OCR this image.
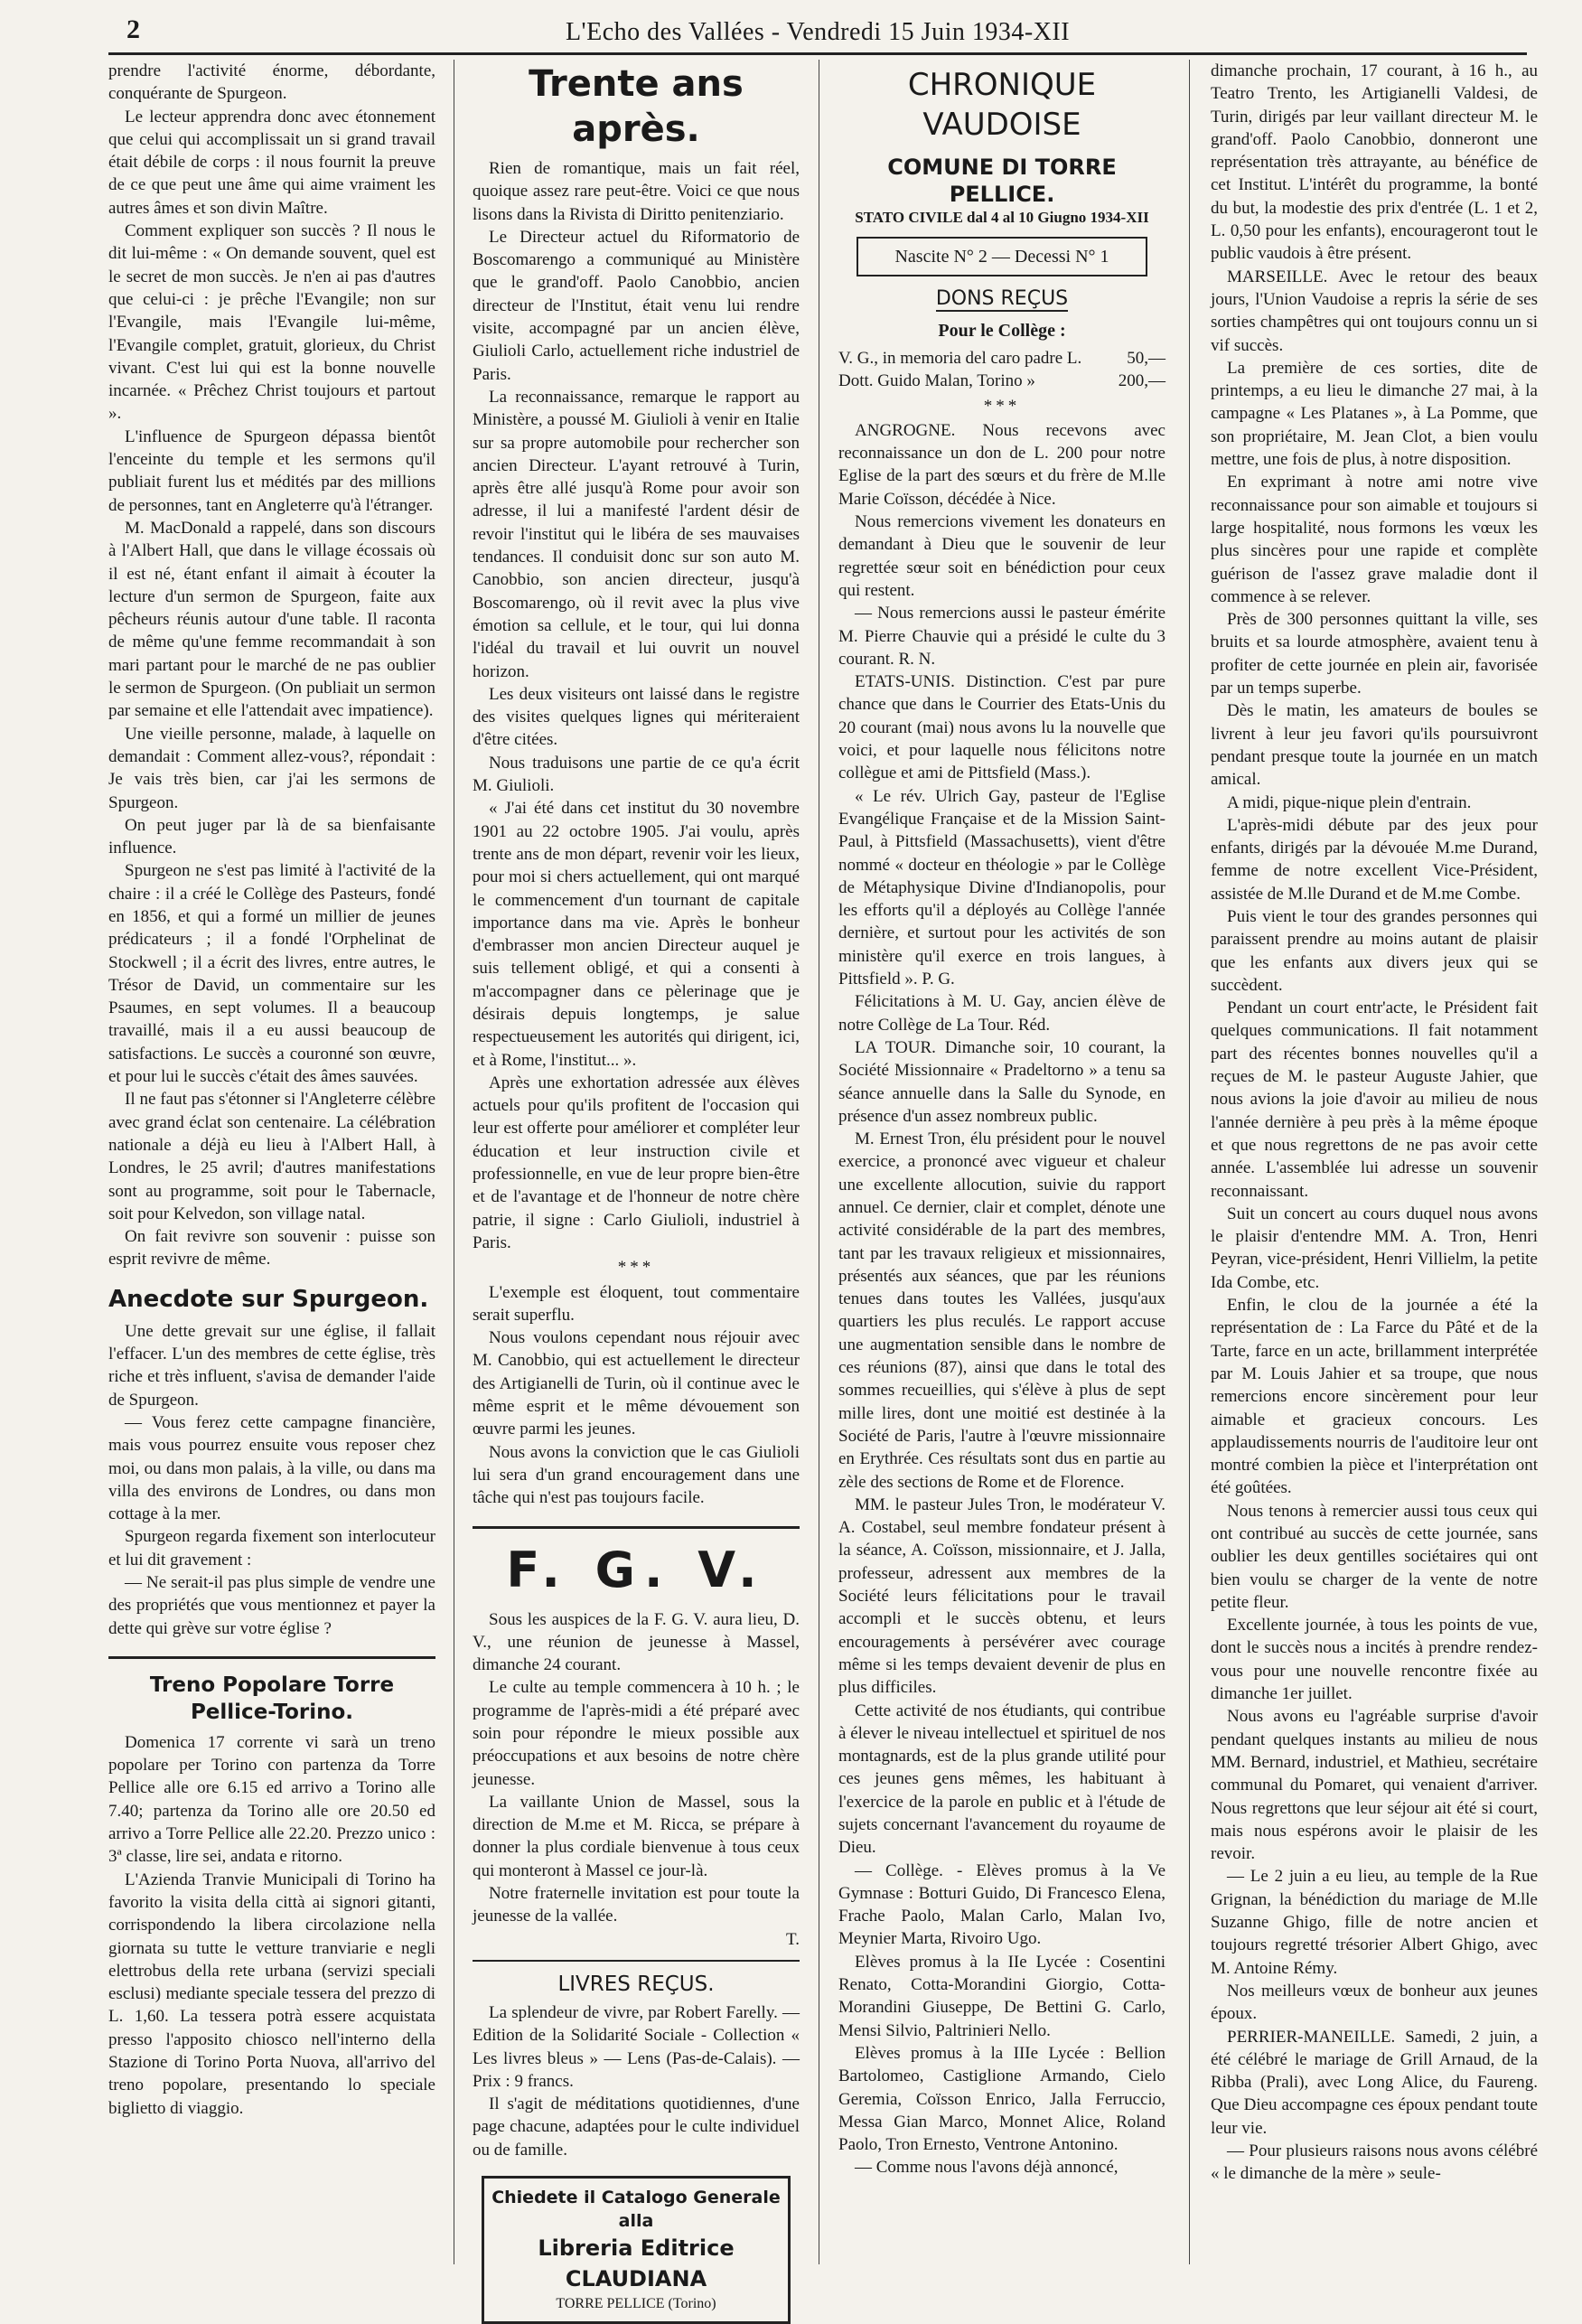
2	L'Echo des Vallées - Vendredi 15 Juin 1934-XII

prendre l'activité énorme, débordante, conquérante de Spurgeon.

Le lecteur apprendra donc avec étonnement que celui qui accomplissait un si grand travail était débile de corps : il nous fournit la preuve de ce que peut une âme qui aime vraiment les autres âmes et son divin Maître.

Comment expliquer son succès ? Il nous le dit lui-même : « On demande souvent, quel est le secret de mon succès. Je n'en ai pas d'autres que celui-ci : je prêche l'Evangile; non sur l'Evangile, mais l'Evangile lui-même, l'Evangile complet, gratuit, glorieux, du Christ vivant. C'est lui qui est la bonne nouvelle incarnée. « Prêchez Christ toujours et partout ».

L'influence de Spurgeon dépassa bientôt l'enceinte du temple et les sermons qu'il publiait furent lus et médités par des millions de personnes, tant en Angleterre qu'à l'étranger.

M. MacDonald a rappelé, dans son discours à l'Albert Hall, que dans le village écossais où il est né, étant enfant il aimait à écouter la lecture d'un sermon de Spurgeon, faite aux pêcheurs réunis autour d'une table. Il raconta de même qu'une femme recommandait à son mari partant pour le marché de ne pas oublier le sermon de Spurgeon. (On publiait un sermon par semaine et elle l'attendait avec impatience).

Une vieille personne, malade, à laquelle on demandait : Comment allez-vous?, répondait : Je vais très bien, car j'ai les sermons de Spurgeon.

On peut juger par là de sa bienfaisante influence.

Spurgeon ne s'est pas limité à l'activité de la chaire : il a créé le Collège des Pasteurs, fondé en 1856, et qui a formé un millier de jeunes prédicateurs ; il a fondé l'Orphelinat de Stockwell ; il a écrit des livres, entre autres, le Trésor de David, un commentaire sur les Psaumes, en sept volumes. Il a beaucoup travaillé, mais il a eu aussi beaucoup de satisfactions. Le succès a couronné son œuvre, et pour lui le succès c'était des âmes sauvées.

Il ne faut pas s'étonner si l'Angleterre célèbre avec grand éclat son centenaire. La célébration nationale a déjà eu lieu à l'Albert Hall, à Londres, le 25 avril; d'autres manifestations sont au programme, soit pour le Tabernacle, soit pour Kelvedon, son village natal.

On fait revivre son souvenir : puisse son esprit revivre de même.

Anecdote sur Spurgeon.

Une dette grevait sur une église, il fallait l'effacer. L'un des membres de cette église, très riche et très influent, s'avisa de demander l'aide de Spurgeon.

— Vous ferez cette campagne financière, mais vous pourrez ensuite vous reposer chez moi, ou dans mon palais, à la ville, ou dans ma villa des environs de Londres, ou dans mon cottage à la mer.

Spurgeon regarda fixement son interlocuteur et lui dit gravement :

— Ne serait-il pas plus simple de vendre une des propriétés que vous mentionnez et payer la dette qui grève sur votre église ?

Treno Popolare Torre Pellice-Torino.

Domenica 17 corrente vi sarà un treno popolare per Torino con partenza da Torre Pellice alle ore 6.15 ed arrivo a Torino alle 7.40; partenza da Torino alle ore 20.50 ed arrivo a Torre Pellice alle 22.20. Prezzo unico : 3ª classe, lire sei, andata e ritorno.

L'Azienda Tranvie Municipali di Torino ha favorito la visita della città ai signori gitanti, corrispondendo la libera circolazione nella giornata su tutte le vetture tranviarie e negli elettrobus della rete urbana (servizi speciali esclusi) mediante speciale tessera del prezzo di L. 1,60. La tessera potrà essere acquistata presso l'apposito chiosco nell'interno della Stazione di Torino Porta Nuova, all'arrivo del treno popolare, presentando lo speciale biglietto di viaggio.

Trente ans après.

Rien de romantique, mais un fait réel, quoique assez rare peut-être. Voici ce que nous lisons dans la Rivista di Diritto penitenziario.

Le Directeur actuel du Riformatorio de Boscomarengo a communiqué au Ministère que le grand'off. Paolo Canobbio, ancien directeur de l'Institut, était venu lui rendre visite, accompagné par un ancien élève, Giulioli Carlo, actuellement riche industriel de Paris.

La reconnaissance, remarque le rapport au Ministère, a poussé M. Giulioli à venir en Italie sur sa propre automobile pour rechercher son ancien Directeur. L'ayant retrouvé à Turin, après être allé jusqu'à Rome pour avoir son adresse, il lui a manifesté l'ardent désir de revoir l'institut qui le libéra de ses mauvaises tendances. Il conduisit donc sur son auto M. Canobbio, son ancien directeur, jusqu'à Boscomarengo, où il revit avec la plus vive émotion sa cellule, et le tour, qui lui donna l'idéal du travail et lui ouvrit un nouvel horizon.

Les deux visiteurs ont laissé dans le registre des visites quelques lignes qui mériteraient d'être citées.

Nous traduisons une partie de ce qu'a écrit M. Giulioli.

« J'ai été dans cet institut du 30 novembre 1901 au 22 octobre 1905. J'ai voulu, après trente ans de mon départ, revenir voir les lieux, pour moi si chers actuellement, qui ont marqué le commencement d'un tournant de capitale importance dans ma vie. Après le bonheur d'embrasser mon ancien Directeur auquel je suis tellement obligé, et qui a consenti à m'accompagner dans ce pèlerinage que je désirais depuis longtemps, je salue respectueusement les autorités qui dirigent, ici, et à Rome, l'institut... ».

Après une exhortation adressée aux élèves actuels pour qu'ils profitent de l'occasion qui leur est offerte pour améliorer et compléter leur éducation et leur instruction civile et professionnelle, en vue de leur propre bien-être et de l'avantage et de l'honneur de notre chère patrie, il signe : Carlo Giulioli, industriel à Paris.

***

L'exemple est éloquent, tout commentaire serait superflu.

Nous voulons cependant nous réjouir avec M. Canobbio, qui est actuellement le directeur des Artigianelli de Turin, où il continue avec le même esprit et le même dévouement son œuvre parmi les jeunes.

Nous avons la conviction que le cas Giulioli lui sera d'un grand encouragement dans une tâche qui n'est pas toujours facile.

F. G. V.

Sous les auspices de la F. G. V. aura lieu, D. V., une réunion de jeunesse à Massel, dimanche 24 courant.

Le culte au temple commencera à 10 h. ; le programme de l'après-midi a été préparé avec soin pour répondre le mieux possible aux préoccupations et aux besoins de notre chère jeunesse.

La vaillante Union de Massel, sous la direction de M.me et M. Ricca, se prépare à donner la plus cordiale bienvenue à tous ceux qui monteront à Massel ce jour-là.

Notre fraternelle invitation est pour toute la jeunesse de la vallée.

T.
LIVRES REÇUS.

La splendeur de vivre, par Robert Farelly. — Edition de la Solidarité Sociale - Collection « Les livres bleus » — Lens (Pas-de-Calais). — Prix : 9 francs.

Il s'agit de méditations quotidiennes, d'une page chacune, adaptées pour le culte individuel ou de famille.

Chiedete il Catalogo Generale alla
Libreria Editrice CLAUDIANA
TORRE PELLICE (Torino)
CHRONIQUE VAUDOISE
COMUNE DI TORRE PELLICE.
STATO CIVILE dal 4 al 10 Giugno 1934-XII
Nascite N° 2 — Decessi N° 1
DONS REÇUS
Pour le Collège :
V. G., in memoria del caro padre L.	50,—
Dott. Guido Malan, Torino »	200,—
***

ANGROGNE. Nous recevons avec reconnaissance un don de L. 200 pour notre Eglise de la part des sœurs et du frère de M.lle Marie Coïsson, décédée à Nice.

Nous remercions vivement les donateurs en demandant à Dieu que le souvenir de leur regrettée sœur soit en bénédiction pour ceux qui restent.

— Nous remercions aussi le pasteur émérite M. Pierre Chauvie qui a présidé le culte du 3 courant. R. N.

ETATS-UNIS. Distinction. C'est par pure chance que dans le Courrier des Etats-Unis du 20 courant (mai) nous avons lu la nouvelle que voici, et pour laquelle nous félicitons notre collègue et ami de Pittsfield (Mass.).

« Le rév. Ulrich Gay, pasteur de l'Eglise Evangélique Française et de la Mission Saint-Paul, à Pittsfield (Massachusetts), vient d'être nommé « docteur en théologie » par le Collège de Métaphysique Divine d'Indianopolis, pour les efforts qu'il a déployés au Collège l'année dernière, et surtout pour les activités de son ministère qu'il exerce en trois langues, à Pittsfield ». P. G.

Félicitations à M. U. Gay, ancien élève de notre Collège de La Tour. Réd.

LA TOUR. Dimanche soir, 10 courant, la Société Missionnaire « Pradeltorno » a tenu sa séance annuelle dans la Salle du Synode, en présence d'un assez nombreux public.

M. Ernest Tron, élu président pour le nouvel exercice, a prononcé avec vigueur et chaleur une excellente allocution, suivie du rapport annuel. Ce dernier, clair et complet, dénote une activité considérable de la part des membres, tant par les travaux religieux et missionnaires, présentés aux séances, que par les réunions tenues dans toutes les Vallées, jusqu'aux quartiers les plus reculés. Le rapport accuse une augmentation sensible dans le nombre de ces réunions (87), ainsi que dans le total des sommes recueillies, qui s'élève à plus de sept mille lires, dont une moitié est destinée à la Société de Paris, l'autre à l'œuvre missionnaire en Erythrée. Ces résultats sont dus en partie au zèle des sections de Rome et de Florence.

MM. le pasteur Jules Tron, le modérateur V. A. Costabel, seul membre fondateur présent à la séance, A. Coïsson, missionnaire, et J. Jalla, professeur, adressent aux membres de la Société leurs félicitations pour le travail accompli et le succès obtenu, et leurs encouragements à persévérer avec courage même si les temps devaient devenir de plus en plus difficiles.

Cette activité de nos étudiants, qui contribue à élever le niveau intellectuel et spirituel de nos montagnards, est de la plus grande utilité pour ces jeunes gens mêmes, les habituant à l'exercice de la parole en public et à l'étude de sujets concernant l'avancement du royaume de Dieu.

— Collège. - Elèves promus à la Ve Gymnase : Botturi Guido, Di Francesco Elena, Frache Paolo, Malan Carlo, Malan Ivo, Meynier Marta, Rivoiro Ugo.

Elèves promus à la IIe Lycée : Cosentini Renato, Cotta-Morandini Giorgio, Cotta-Morandini Giuseppe, De Bettini G. Carlo, Mensi Silvio, Paltrinieri Nello.

Elèves promus à la IIIe Lycée : Bellion Bartolomeo, Castiglione Armando, Cielo Geremia, Coïsson Enrico, Jalla Ferruccio, Messa Gian Marco, Monnet Alice, Roland Paolo, Tron Ernesto, Ventrone Antonino.

— Comme nous l'avons déjà annoncé,

dimanche prochain, 17 courant, à 16 h., au Teatro Trento, les Artigianelli Valdesi, de Turin, dirigés par leur vaillant directeur M. le grand'off. Paolo Canobbio, donneront une représentation très attrayante, au bénéfice de cet Institut. L'intérêt du programme, la bonté du but, la modestie des prix d'entrée (L. 1 et 2, L. 0,50 pour les enfants), encourageront tout le public vaudois à être présent.

MARSEILLE. Avec le retour des beaux jours, l'Union Vaudoise a repris la série de ses sorties champêtres qui ont toujours connu un si vif succès.

La première de ces sorties, dite de printemps, a eu lieu le dimanche 27 mai, à la campagne « Les Platanes », à La Pomme, que son propriétaire, M. Jean Clot, a bien voulu mettre, une fois de plus, à notre disposition.

En exprimant à notre ami notre vive reconnaissance pour son aimable et toujours si large hospitalité, nous formons les vœux les plus sincères pour une rapide et complète guérison de l'assez grave maladie dont il commence à se relever.

Près de 300 personnes quittant la ville, ses bruits et sa lourde atmosphère, avaient tenu à profiter de cette journée en plein air, favorisée par un temps superbe.

Dès le matin, les amateurs de boules se livrent à leur jeu favori qu'ils poursuivront pendant presque toute la journée en un match amical.

A midi, pique-nique plein d'entrain.

L'après-midi débute par des jeux pour enfants, dirigés par la dévouée M.me Durand, femme de notre excellent Vice-Président, assistée de M.lle Durand et de M.me Combe.

Puis vient le tour des grandes personnes qui paraissent prendre au moins autant de plaisir que les enfants aux divers jeux qui se succèdent.

Pendant un court entr'acte, le Président fait quelques communications. Il fait notamment part des récentes bonnes nouvelles qu'il a reçues de M. le pasteur Auguste Jahier, que nous avions la joie d'avoir au milieu de nous l'année dernière à peu près à la même époque et que nous regrettons de ne pas avoir cette année. L'assemblée lui adresse un souvenir reconnaissant.

Suit un concert au cours duquel nous avons le plaisir d'entendre MM. A. Tron, Henri Peyran, vice-président, Henri Villielm, la petite Ida Combe, etc.

Enfin, le clou de la journée a été la représentation de : La Farce du Pâté et de la Tarte, farce en un acte, brillamment interprétée par M. Louis Jahier et sa troupe, que nous remercions encore sincèrement pour leur aimable et gracieux concours. Les applaudissements nourris de l'auditoire leur ont montré combien la pièce et l'interprétation ont été goûtées.

Nous tenons à remercier aussi tous ceux qui ont contribué au succès de cette journée, sans oublier les deux gentilles sociétaires qui ont bien voulu se charger de la vente de notre petite fleur.

Excellente journée, à tous les points de vue, dont le succès nous a incités à prendre rendez-vous pour une nouvelle rencontre fixée au dimanche 1er juillet.

Nous avons eu l'agréable surprise d'avoir pendant quelques instants au milieu de nous MM. Bernard, industriel, et Mathieu, secrétaire communal du Pomaret, qui venaient d'arriver. Nous regrettons que leur séjour ait été si court, mais nous espérons avoir le plaisir de les revoir.

— Le 2 juin a eu lieu, au temple de la Rue Grignan, la bénédiction du mariage de M.lle Suzanne Ghigo, fille de notre ancien et toujours regretté trésorier Albert Ghigo, avec M. Antoine Rémy.

Nos meilleurs vœux de bonheur aux jeunes époux.

PERRIER-MANEILLE. Samedi, 2 juin, a été célébré le mariage de Grill Arnaud, de la Ribba (Prali), avec Long Alice, du Faureng. Que Dieu accompagne ces époux pendant toute leur vie.

— Pour plusieurs raisons nous avons célébré « le dimanche de la mère » seule-
